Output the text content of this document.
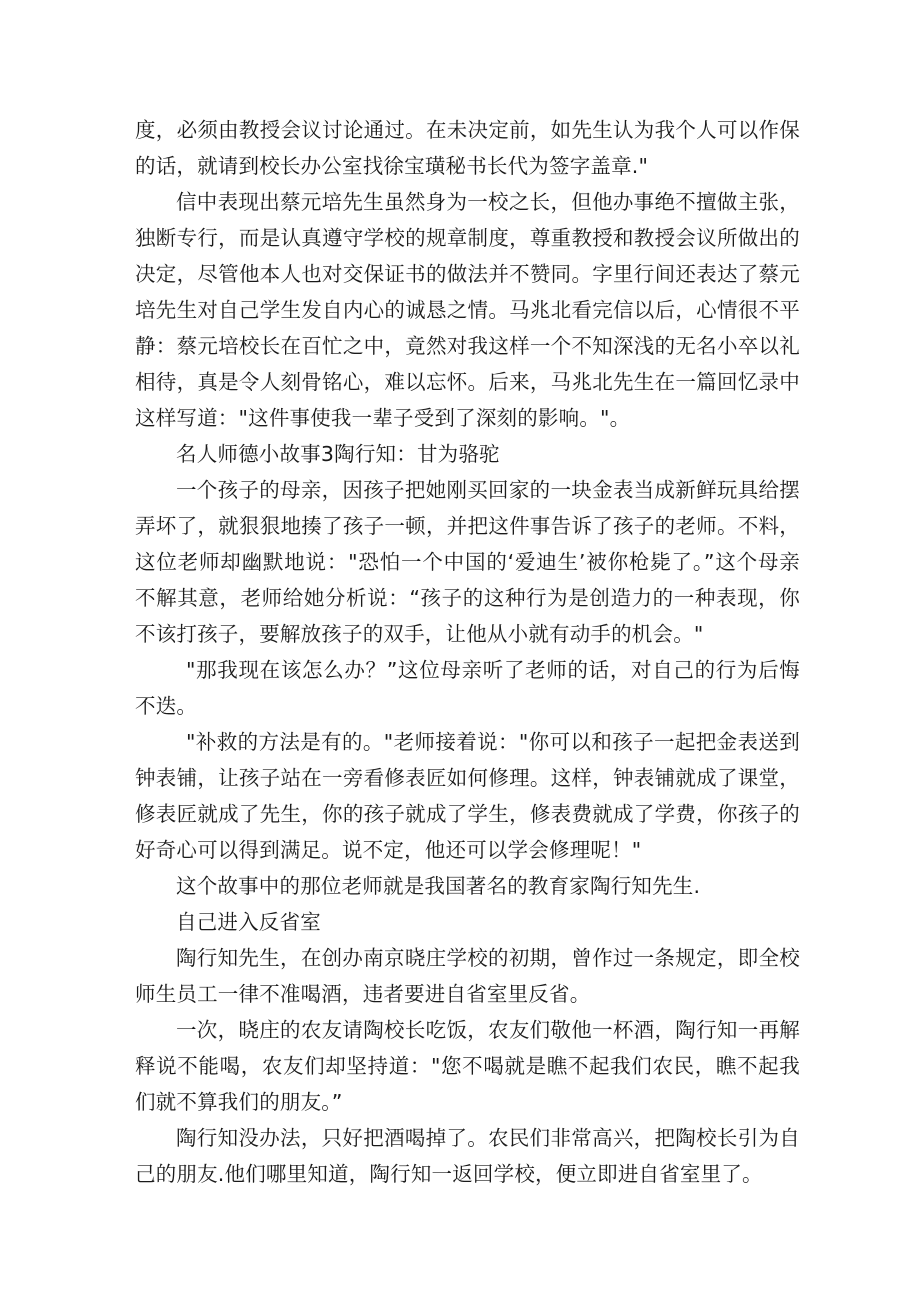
度，必须由教授会议讨论通过。在未决定前，如先生认为我个人可以作保的话，就请到校长办公室找徐宝璜秘书长代为签字盖章."

信中表现出蔡元培先生虽然身为一校之长，但他办事绝不擅做主张，独断专行，而是认真遵守学校的规章制度，尊重教授和教授会议所做出的决定，尽管他本人也对交保证书的做法并不赞同。字里行间还表达了蔡元培先生对自己学生发自内心的诚恳之情。马兆北看完信以后，心情很不平静：蔡元培校长在百忙之中，竟然对我这样一个不知深浅的无名小卒以礼相待，真是令人刻骨铭心，难以忘怀。后来，马兆北先生在一篇回忆录中这样写道："这件事使我一辈子受到了深刻的影响。"。

名人师德小故事3陶行知：甘为骆驼

一个孩子的母亲，因孩子把她刚买回家的一块金表当成新鲜玩具给摆弄坏了，就狠狠地揍了孩子一顿，并把这件事告诉了孩子的老师。不料，这位老师却幽默地说："恐怕一个中国的‘爱迪生’被你枪毙了。”这个母亲不解其意，老师给她分析说：“孩子的这种行为是创造力的一种表现，你不该打孩子，要解放孩子的双手，让他从小就有动手的机会。"

"那我现在该怎么办？”这位母亲听了老师的话，对自己的行为后悔不迭。

"补救的方法是有的。"老师接着说："你可以和孩子一起把金表送到钟表铺，让孩子站在一旁看修表匠如何修理。这样，钟表铺就成了课堂，修表匠就成了先生，你的孩子就成了学生，修表费就成了学费，你孩子的好奇心可以得到满足。说不定，他还可以学会修理呢！"

这个故事中的那位老师就是我国著名的教育家陶行知先生.

自己进入反省室

陶行知先生，在创办南京晓庄学校的初期，曾作过一条规定，即全校师生员工一律不准喝酒，违者要进自省室里反省。

一次，晓庄的农友请陶校长吃饭，农友们敬他一杯酒，陶行知一再解释说不能喝，农友们却坚持道："您不喝就是瞧不起我们农民，瞧不起我们就不算我们的朋友。”

陶行知没办法，只好把酒喝掉了。农民们非常高兴，把陶校长引为自己的朋友.他们哪里知道，陶行知一返回学校，便立即进自省室里了。
